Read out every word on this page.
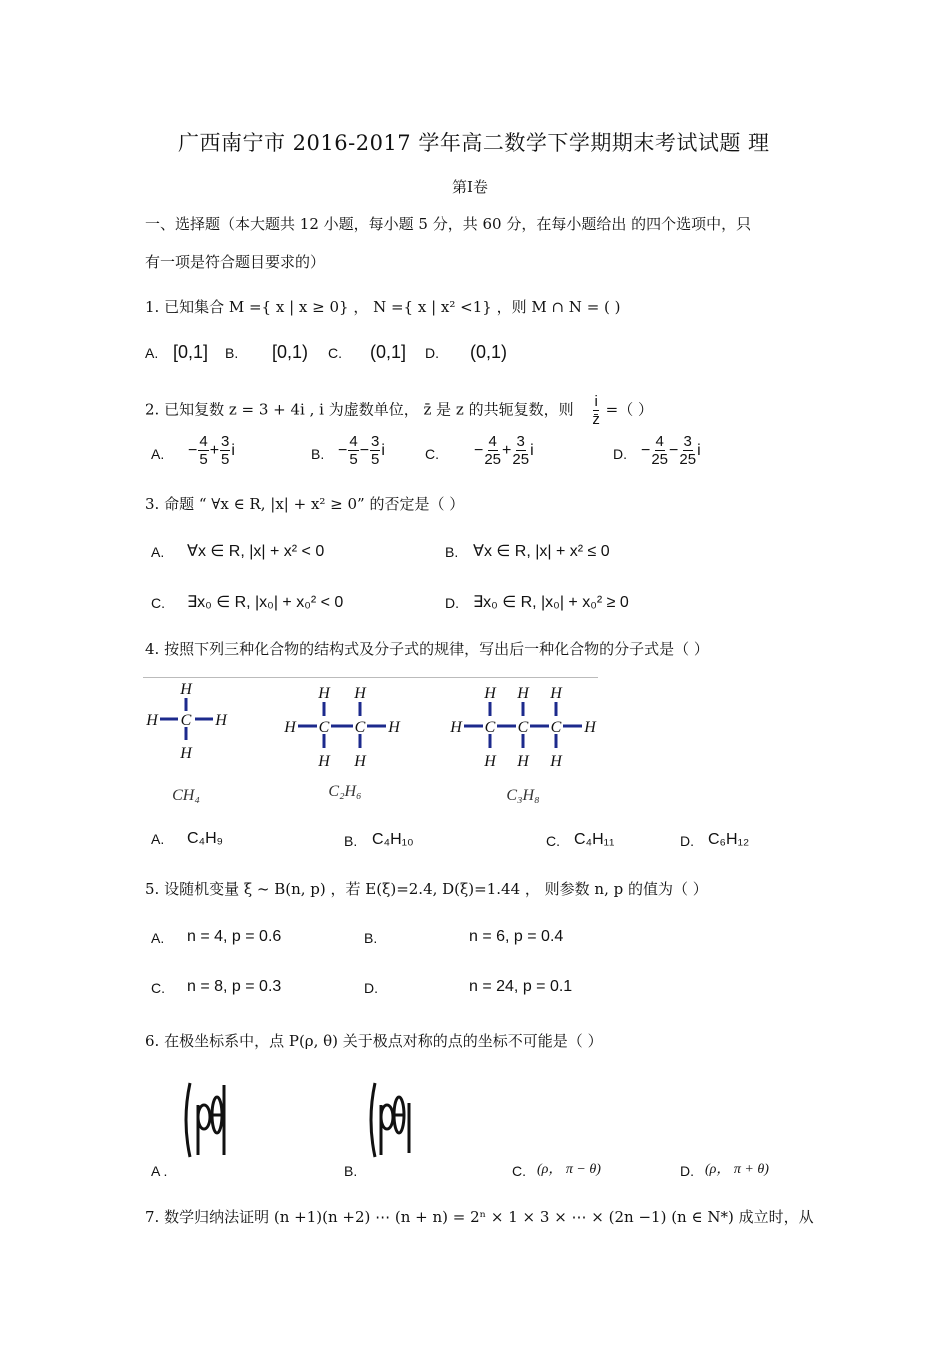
广西南宁市 2016-2017 学年高二数学下学期期末考试试题 理
第Ⅰ卷
一、选择题（本大题共 12 小题，每小题 5 分，共 60 分，在每小题给出 的四个选项中，只
有一项是符合题目要求的）
1. 已知集合 M ={ x | x ≥ 0} ， N ={ x | x² <1} ，则 M ∩ N = ( )
A. [0,1] B. [0,1) C. (0,1] D. (0,1)
2. 已知复数 z = 3 + 4i , i 为虚数单位， z̄ 是 z 的共轭复数，则 $\frac{i}{z̄}$ =（ ）
A. − $\frac{4}{5} + \frac{3}{5}$ i	B. − $\frac{4}{5} - \frac{3}{5}$ i	C. − $\frac{4}{25} + \frac{3}{25}$ i	D. − $\frac{4}{25} - \frac{3}{25}$ i
3. 命题 “ ∀x ∈ R, |x| + x² ≥ 0” 的否定是（ ）
A. ∀x ∈ R, |x| + x² < 0	B. ∀x ∈ R, |x| + x² ≤ 0
C. ∃x₀ ∈ R, |x₀| + x₀² < 0	D. ∃x₀ ∈ R, |x₀| + x₀² ≥ 0
4. 按照下列三种化合物的结构式及分子式的规律，写出后一种化合物的分子式是（ ）
H
C
H
H	H
H H
H C C H
H H
H H H
H C C C H
H H H
CH₄	C₂H₆	C₃H₈
A. C₄H₉	B. C₄H₁₀	C. C₄H₁₁	D. C₆H₁₂
5. 设随机变量 ξ ~ B(n, p) ，若 E(ξ)=2.4, D(ξ)=1.44 ， 则参数 n, p 的值为（ ）
A. n = 4, p = 0.6	B.	n = 6, p = 0.4
C. n = 8, p = 0.3	D.	n = 24, p = 0.1
6. 在极坐标系中，点 P(ρ, θ) 关于极点对称的点的坐标不可能是（ ）
A .	B.	C. (ρ， π − θ)	D. (ρ， π + θ)
7. 数学归纳法证明 (n +1)(n +2) ⋯ (n + n) = 2ⁿ × 1 × 3 × ⋯ × (2n −1) (n ∈ N*) 成立时，从
